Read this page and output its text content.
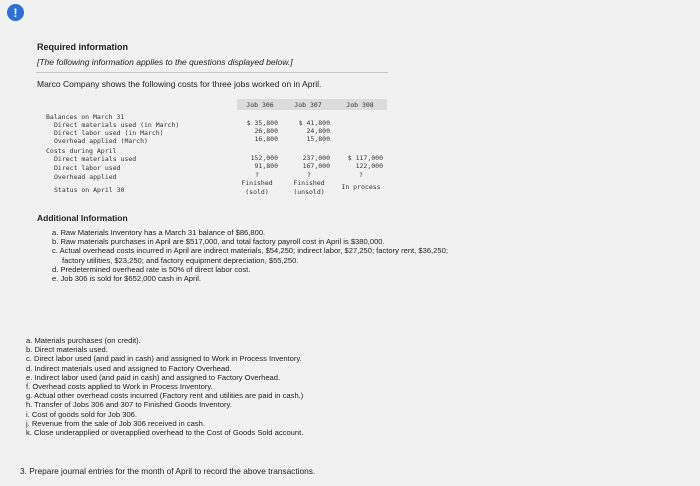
!
Required information
[The following information applies to the questions displayed below.]
Marco Company shows the following costs for three jobs worked on in April.
Job 306	Job 307	Job 308
Balances on March 31
Direct materials used (in March)
Direct labor used (in March)
Overhead applied (March)
Costs during April
Direct materials used
Direct labor used
Overhead applied
Status on April 30
$ 35,800
26,800
16,800
152,000
91,800
?
Finished
(sold)
$ 41,800
24,800
15,800
237,000
167,000
?
Finished
(unsold)
$ 117,000
122,000
?
In process
Additional Information
a. Raw Materials Inventory has a March 31 balance of $86,800.
b. Raw materials purchases in April are $517,000, and total factory payroll cost in April is $380,000.
c. Actual overhead costs incurred in April are indirect materials, $54,250; indirect labor, $27,250; factory rent, $36,250;
factory utilities, $23,250; and factory equipment depreciation, $55,250.
d. Predetermined overhead rate is 50% of direct labor cost.
e. Job 306 is sold for $652,000 cash in April.
a. Materials purchases (on credit).
b. Direct materials used.
c. Direct labor used (and paid in cash) and assigned to Work in Process Inventory.
d. Indirect materials used and assigned to Factory Overhead.
e. Indirect labor used (and paid in cash) and assigned to Factory Overhead.
f. Overhead costs applied to Work in Process Inventory.
g. Actual other overhead costs incurred (Factory rent and utilities are paid in cash.)
h. Transfer of Jobs 306 and 307 to Finished Goods Inventory.
i. Cost of goods sold for Job 306.
j. Revenue from the sale of Job 306 received in cash.
k. Close underapplied or overapplied overhead to the Cost of Goods Sold account.
3. Prepare journal entries for the month of April to record the above transactions.
